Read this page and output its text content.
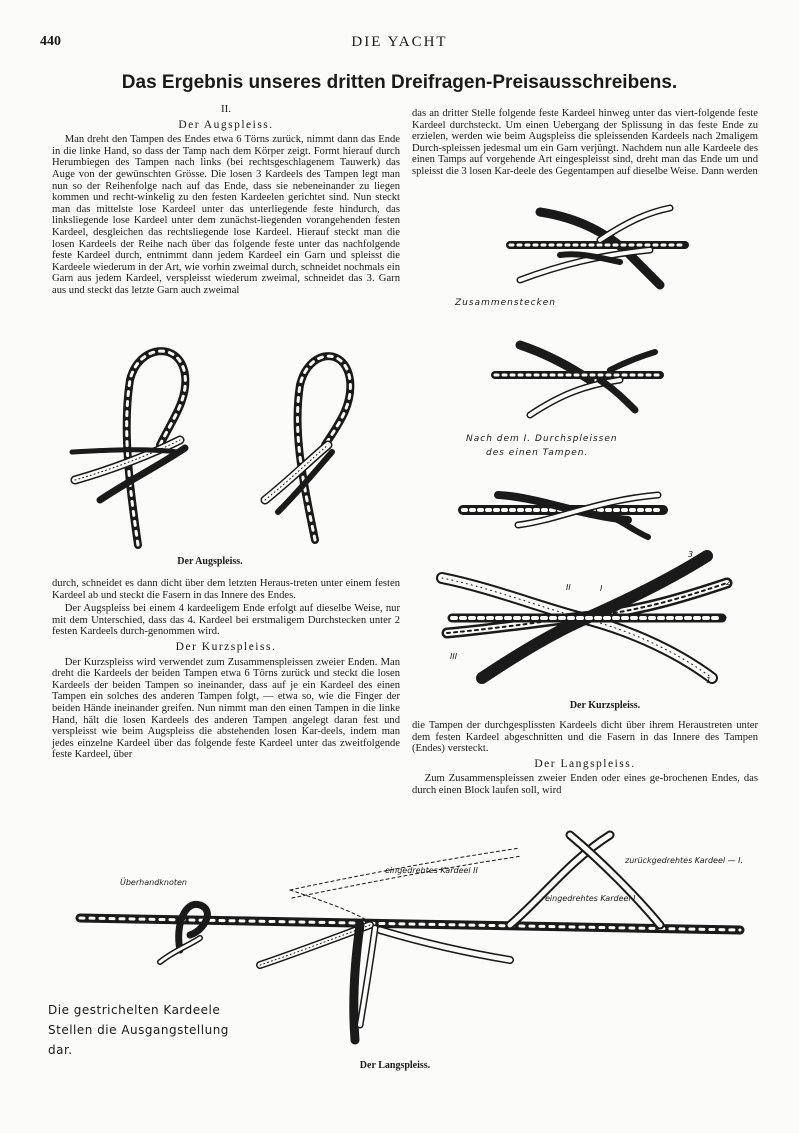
440	DIE YACHT
Das Ergebnis unseres dritten Dreifragen-Preisausschreibens.
II.
Der Augspleiss.

Man dreht den Tampen des Endes etwa 6 Törns zurück, nimmt dann das Ende in die linke Hand, so dass der Tamp nach dem Körper zeigt. Formt hierauf durch Herumbiegen des Tampen nach links (bei rechtsgeschlagenem Tauwerk) das Auge von der gewünschten Grösse. Die losen 3 Kardeels des Tampen legt man nun so der Reihenfolge nach auf das Ende, dass sie nebeneinander zu liegen kommen und recht-winkelig zu den festen Kardeelen gerichtet sind. Nun steckt man das mittelste lose Kardeel unter das unterliegende feste hindurch, das linksliegende lose Kardeel unter dem zunächst-liegenden vorangehenden festen Kardeel, desgleichen das rechtsliegende lose Kardeel. Hierauf steckt man die losen Kardeels der Reihe nach über das folgende feste unter das nachfolgende feste Kardeel durch, entnimmt dann jedem Kardeel ein Garn und spleisst die Kardeele wiederum in der Art, wie vorhin zweimal durch, schneidet nochmals ein Garn aus jedem Kardeel, verspleisst wiederum zweimal, schneidet das 3. Garn aus und steckt das letzte Garn auch zweimal

Der Augspleiss.

durch, schneidet es dann dicht über dem letzten Heraus-treten unter einem festen Kardeel ab und steckt die Fasern in das Innere des Endes.

Der Augspleiss bei einem 4 kardeeligem Ende erfolgt auf dieselbe Weise, nur mit dem Unterschied, dass das 4. Kardeel bei erstmaligem Durchstecken unter 2 festen Kardeels durch-genommen wird.

Der Kurzspleiss.

Der Kurzspleiss wird verwendet zum Zusammenspleissen zweier Enden. Man dreht die Kardeels der beiden Tampen etwa 6 Törns zurück und steckt die losen Kardeels der beiden Tampen so ineinander, dass auf je ein Kardeel des einen Tampen ein solches des anderen Tampen folgt, — etwa so, wie die Finger der beiden Hände ineinander greifen. Nun nimmt man den einen Tampen in die linke Hand, hält die losen Kardeels des anderen Tampen angelegt daran fest und verspleisst wie beim Augspleiss die abstehenden losen Kar-deels, indem man jedes einzelne Kardeel über das folgende feste Kardeel unter das zweitfolgende feste Kardeel, über

das an dritter Stelle folgende feste Kardeel hinweg unter das viert-folgende feste Kardeel durchsteckt. Um einen Uebergang der Splissung in das feste Ende zu erzielen, werden wie beim Augspleiss die spleissenden Kardeels nach 2maligem Durch-spleissen jedesmal um ein Garn verjüngt. Nachdem nun alle Kardeele des einen Tamps auf vorgehende Art eingespleisst sind, dreht man das Ende um und spleisst die 3 losen Kar-deele des Gegentampen auf dieselbe Weise. Dann werden

Zusammenstecken
Nach dem I. Durchspleissen
des einen Tampen.
1
2
3
I
II
III
Der Kurzspleiss.

die Tampen der durchgesplissten Kardeels dicht über ihrem Heraustreten unter dem festen Kardeel abgeschnitten und die Fasern in das Innere des Tampen (Endes) versteckt.

Der Langspleiss.

Zum Zusammenspleissen zweier Enden oder eines ge-brochenen Endes, das durch einen Block laufen soll, wird

Überhandknoten
eingedrehtes Kardeel II
zurückgedrehtes Kardeel — I.
eingedrehtes Kardeel I
Die gestrichelten Kardeele
Stellen die Ausgangstellung
dar.
Der Langspleiss.
